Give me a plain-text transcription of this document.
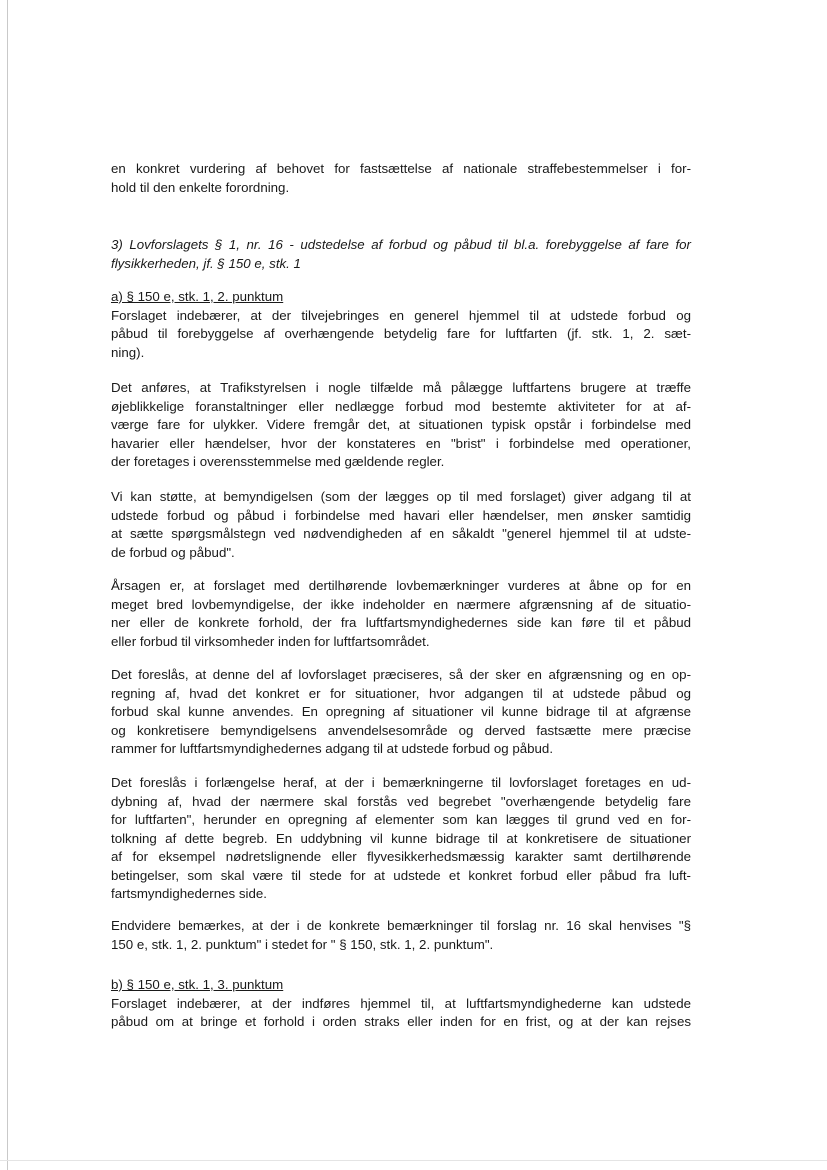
en konkret vurdering af behovet for fastsættelse af nationale straffebestemmelser i for-
hold til den enkelte forordning.
3) Lovforslagets § 1, nr. 16 - udstedelse af forbud og påbud til bl.a. forebyggelse af fare for
flysikkerheden, jf. § 150 e, stk. 1
a) § 150 e, stk. 1, 2. punktum
Forslaget indebærer, at der tilvejebringes en generel hjemmel til at udstede forbud og
påbud til forebyggelse af overhængende betydelig fare for luftfarten (jf. stk. 1, 2. sæt-
ning).
Det anføres, at Trafikstyrelsen i nogle tilfælde må pålægge luftfartens brugere at træffe
øjeblikkelige foranstaltninger eller nedlægge forbud mod bestemte aktiviteter for at af-
værge fare for ulykker. Videre fremgår det, at situationen typisk opstår i forbindelse med
havarier eller hændelser, hvor der konstateres en "brist" i forbindelse med operationer,
der foretages i overensstemmelse med gældende regler.
Vi kan støtte, at bemyndigelsen (som der lægges op til med forslaget) giver adgang til at
udstede forbud og påbud i forbindelse med havari eller hændelser, men ønsker samtidig
at sætte spørgsmålstegn ved nødvendigheden af en såkaldt "generel hjemmel til at udste-
de forbud og påbud".
Årsagen er, at forslaget med dertilhørende lovbemærkninger vurderes at åbne op for en
meget bred lovbemyndigelse, der ikke indeholder en nærmere afgrænsning af de situatio-
ner eller de konkrete forhold, der fra luftfartsmyndighedernes side kan føre til et påbud
eller forbud til virksomheder inden for luftfartsområdet.
Det foreslås, at denne del af lovforslaget præciseres, så der sker en afgrænsning og en op-
regning af, hvad det konkret er for situationer, hvor adgangen til at udstede påbud og
forbud skal kunne anvendes. En opregning af situationer vil kunne bidrage til at afgrænse
og konkretisere bemyndigelsens anvendelsesområde og derved fastsætte mere præcise
rammer for luftfartsmyndighedernes adgang til at udstede forbud og påbud.
Det foreslås i forlængelse heraf, at der i bemærkningerne til lovforslaget foretages en ud-
dybning af, hvad der nærmere skal forstås ved begrebet "overhængende betydelig fare
for luftfarten", herunder en opregning af elementer som kan lægges til grund ved en for-
tolkning af dette begreb. En uddybning vil kunne bidrage til at konkretisere de situationer
af for eksempel nødretslignende eller flyvesikkerhedsmæssig karakter samt dertilhørende
betingelser, som skal være til stede for at udstede et konkret forbud eller påbud fra luft-
fartsmyndighedernes side.
Endvidere bemærkes, at der i de konkrete bemærkninger til forslag nr. 16 skal henvises "§
150 e, stk. 1, 2. punktum" i stedet for " § 150, stk. 1, 2. punktum".
b) § 150 e, stk. 1, 3. punktum
Forslaget indebærer, at der indføres hjemmel til, at luftfartsmyndighederne kan udstede
påbud om at bringe et forhold i orden straks eller inden for en frist, og at der kan rejses
